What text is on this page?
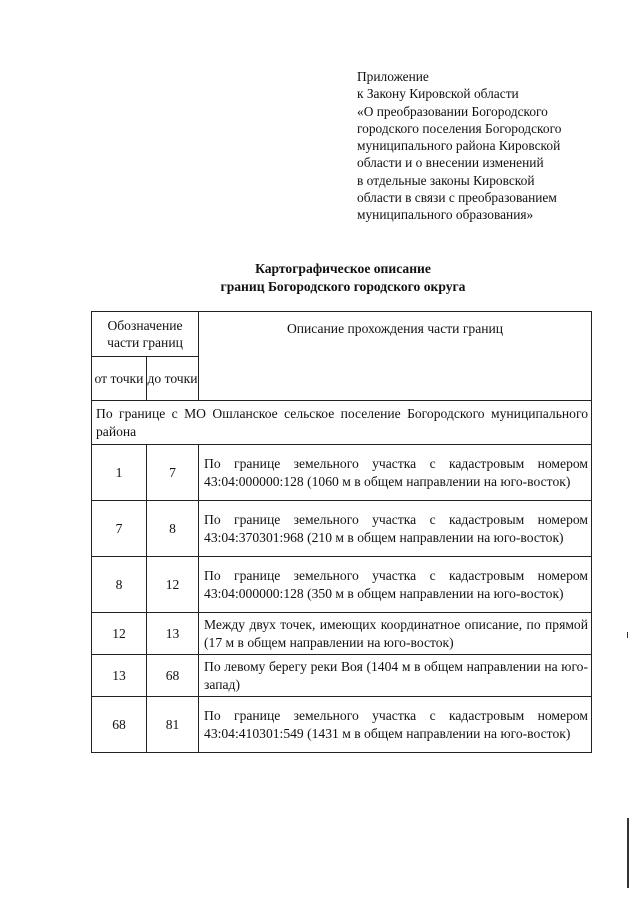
Приложение
к Закону Кировской области
«О преобразовании Богородского
городского поселения Богородского
муниципального района Кировской
области и о внесении изменений
в отдельные законы Кировской
области в связи с преобразованием
муниципального образования»
Картографическое описание
границ Богородского городского округа
Обозначение части границ		Описание прохождения части границ
от точки	до точки	
По границе с МО Ошланское сельское поселение Богородского муниципального района		
1	7	По границе земельного участка с кадастровым номером 43:04:000000:128 (1060 м в общем направлении на юго-восток)
7	8	По границе земельного участка с кадастровым номером 43:04:370301:968 (210 м в общем направлении на юго-восток)
8	12	По границе земельного участка с кадастровым номером 43:04:000000:128 (350 м в общем направлении на юго-восток)
12	13	Между двух точек, имеющих координатное описание, по прямой (17 м в общем направлении на юго-восток)
13	68	По левому берегу реки Воя (1404 м в общем направлении на юго-запад)
68	81	По границе земельного участка с кадастровым номером 43:04:410301:549 (1431 м в общем направлении на юго-восток)
